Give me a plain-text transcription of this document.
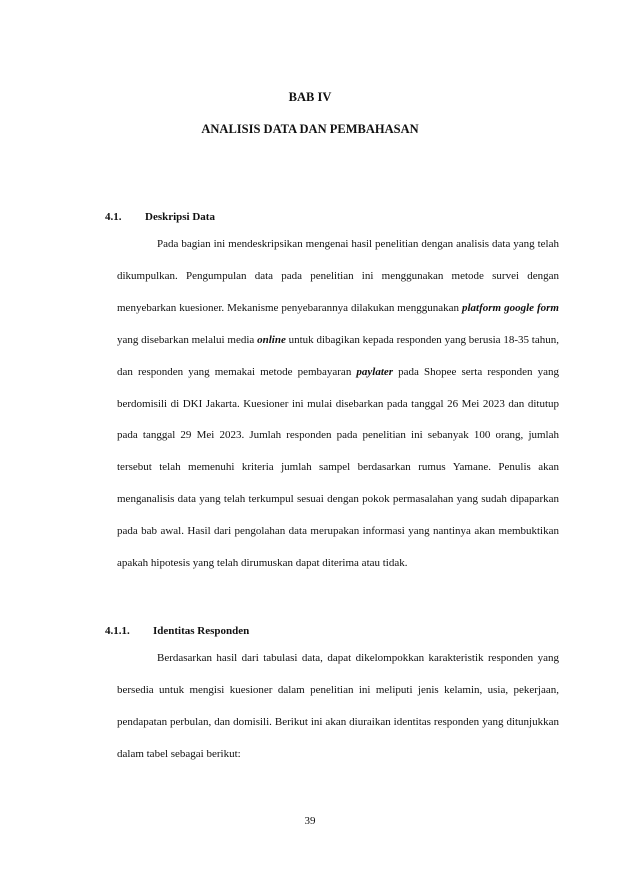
BAB IV
ANALISIS DATA DAN PEMBAHASAN
4.1. Deskripsi Data

Pada bagian ini mendeskripsikan mengenai hasil penelitian dengan analisis data yang telah dikumpulkan. Pengumpulan data pada penelitian ini menggunakan metode survei dengan menyebarkan kuesioner. Mekanisme penyebarannya dilakukan menggunakan platform google form yang disebarkan melalui media online untuk dibagikan kepada responden yang berusia 18-35 tahun, dan responden yang memakai metode pembayaran paylater pada Shopee serta responden yang berdomisili di DKI Jakarta. Kuesioner ini mulai disebarkan pada tanggal 26 Mei 2023 dan ditutup pada tanggal 29 Mei 2023. Jumlah responden pada penelitian ini sebanyak 100 orang, jumlah tersebut telah memenuhi kriteria jumlah sampel berdasarkan rumus Yamane. Penulis akan menganalisis data yang telah terkumpul sesuai dengan pokok permasalahan yang sudah dipaparkan pada bab awal. Hasil dari pengolahan data merupakan informasi yang nantinya akan membuktikan apakah hipotesis yang telah dirumuskan dapat diterima atau tidak.

4.1.1. Identitas Responden

Berdasarkan hasil dari tabulasi data, dapat dikelompokkan karakteristik responden yang bersedia untuk mengisi kuesioner dalam penelitian ini meliputi jenis kelamin, usia, pekerjaan, pendapatan perbulan, dan domisili. Berikut ini akan diuraikan identitas responden yang ditunjukkan dalam tabel sebagai berikut:

39
